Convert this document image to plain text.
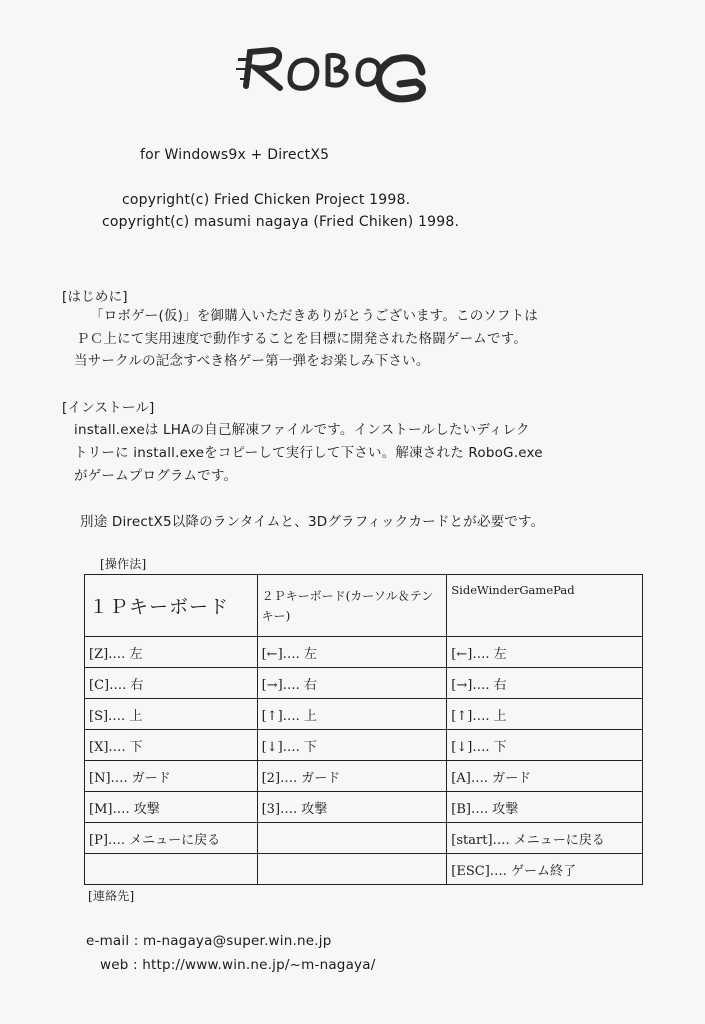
for Windows9x + DirectX5
copyright(c) Fried Chicken Project 1998.
copyright(c) masumi nagaya (Fried Chiken) 1998.
[はじめに]
「ロボゲー(仮)」を御購入いただきありがとうございます。このソフトは
ＰＣ上にて実用速度で動作することを目標に開発された格闘ゲームです。
当サークルの記念すべき格ゲー第一弾をお楽しみ下さい。
[インストール]
install.exeは LHAの自己解凍ファイルです。インストールしたいディレク
トリーに install.exeをコピーして実行して下さい。解凍された RoboG.exe
がゲームプログラムです。
別途 DirectX5以降のランタイムと、3Dグラフィックカードとが必要です。
[操作法]
１Ｐキーボード	２Ｐキーボード(カーソル＆テンキー)	SideWinderGamePad
[Z]…. 左	[←]…. 左	[←]…. 左
[C]…. 右	[→]…. 右	[→]…. 右
[S]…. 上	[↑]…. 上	[↑]…. 上
[X]…. 下	[↓]…. 下	[↓]…. 下
[N]…. ガード	[2]…. ガード	[A]…. ガード
[M]…. 攻撃	[3]…. 攻撃	[B]…. 攻撃
[P]…. メニューに戻る		[start]…. メニューに戻る
		[ESC]…. ゲーム終了
[連絡先]
e-mail : m-nagaya@super.win.ne.jp
web : http://www.win.ne.jp/~m-nagaya/
